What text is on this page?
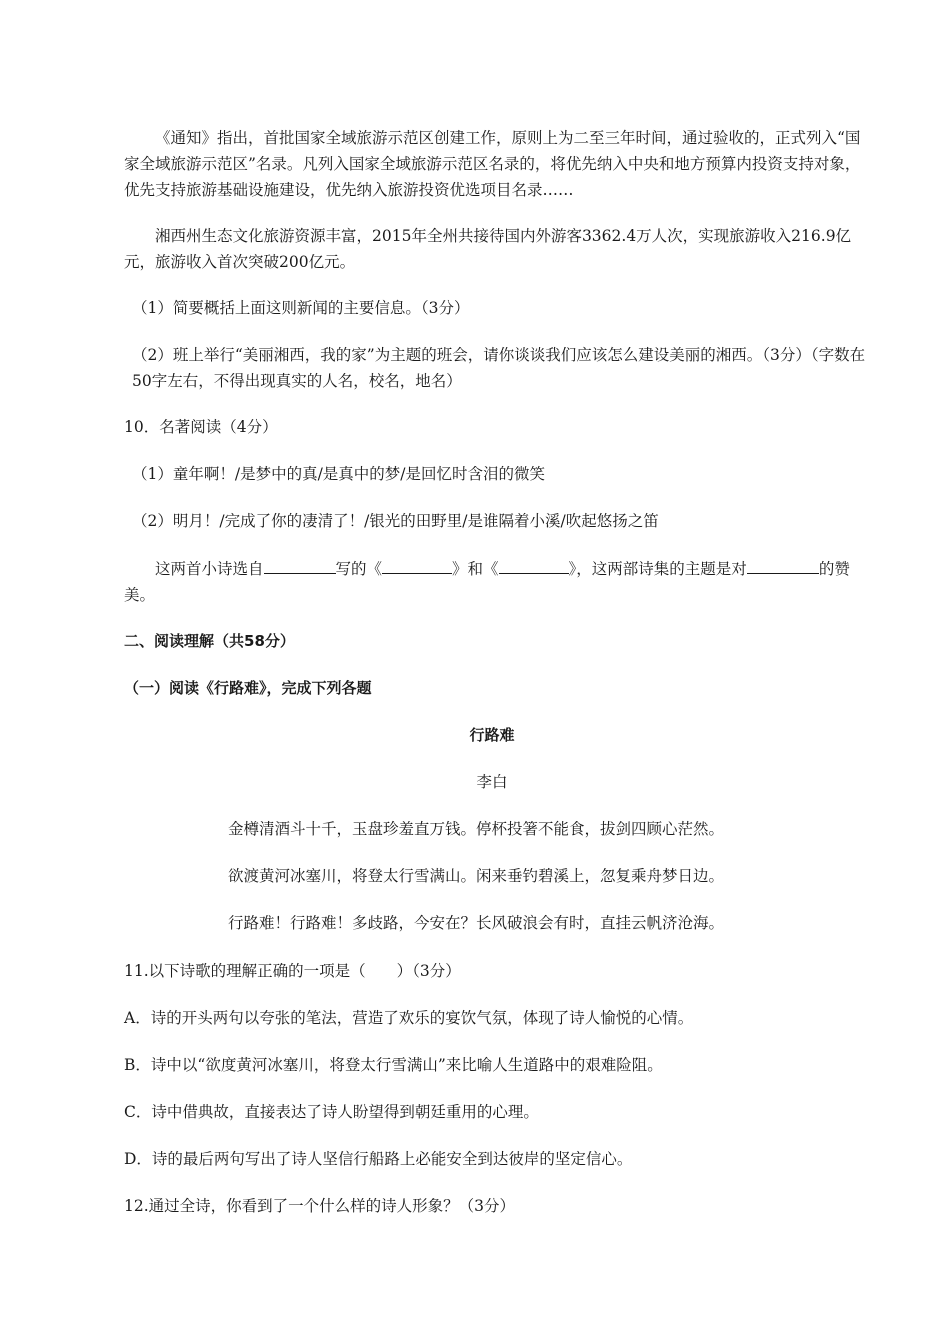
《通知》指出，首批国家全域旅游示范区创建工作，原则上为二至三年时间，通过验收的，正式列入“国家全域旅游示范区”名录。凡列入国家全域旅游示范区名录的，将优先纳入中央和地方预算内投资支持对象，优先支持旅游基础设施建设，优先纳入旅游投资优选项目名录……

湘西州生态文化旅游资源丰富，2015年全州共接待国内外游客3362.4万人次，实现旅游收入216.9亿元，旅游收入首次突破200亿元。

（1）简要概括上面这则新闻的主要信息。（3分）

（2）班上举行“美丽湘西，我的家”为主题的班会，请你谈谈我们应该怎么建设美丽的湘西。（3分）（字数在50字左右，不得出现真实的人名，校名，地名）

10．名著阅读（4分）

（1）童年啊！/是梦中的真/是真中的梦/是回忆时含泪的微笑

（2）明月！/完成了你的凄清了！/银光的田野里/是谁隔着小溪/吹起悠扬之笛

这两首小诗选自	写的《	》和《	》，这两部诗集的主题是对	的赞美。

二、阅读理解（共58分）

（一）阅读《行路难》，完成下列各题

行路难

李白

金樽清酒斗十千，玉盘珍羞直万钱。停杯投箸不能食，拔剑四顾心茫然。

欲渡黄河冰塞川，将登太行雪满山。闲来垂钓碧溪上，忽复乘舟梦日边。

行路难！行路难！多歧路，今安在？长风破浪会有时，直挂云帆济沧海。

11.以下诗歌的理解正确的一项是（　　）（3分）

A．诗的开头两句以夸张的笔法，营造了欢乐的宴饮气氛，体现了诗人愉悦的心情。

B．诗中以“欲度黄河冰塞川，将登太行雪满山”来比喻人生道路中的艰难险阻。

C．诗中借典故，直接表达了诗人盼望得到朝廷重用的心理。

D．诗的最后两句写出了诗人坚信行船路上必能安全到达彼岸的坚定信心。

12.通过全诗，你看到了一个什么样的诗人形象？（3分）
